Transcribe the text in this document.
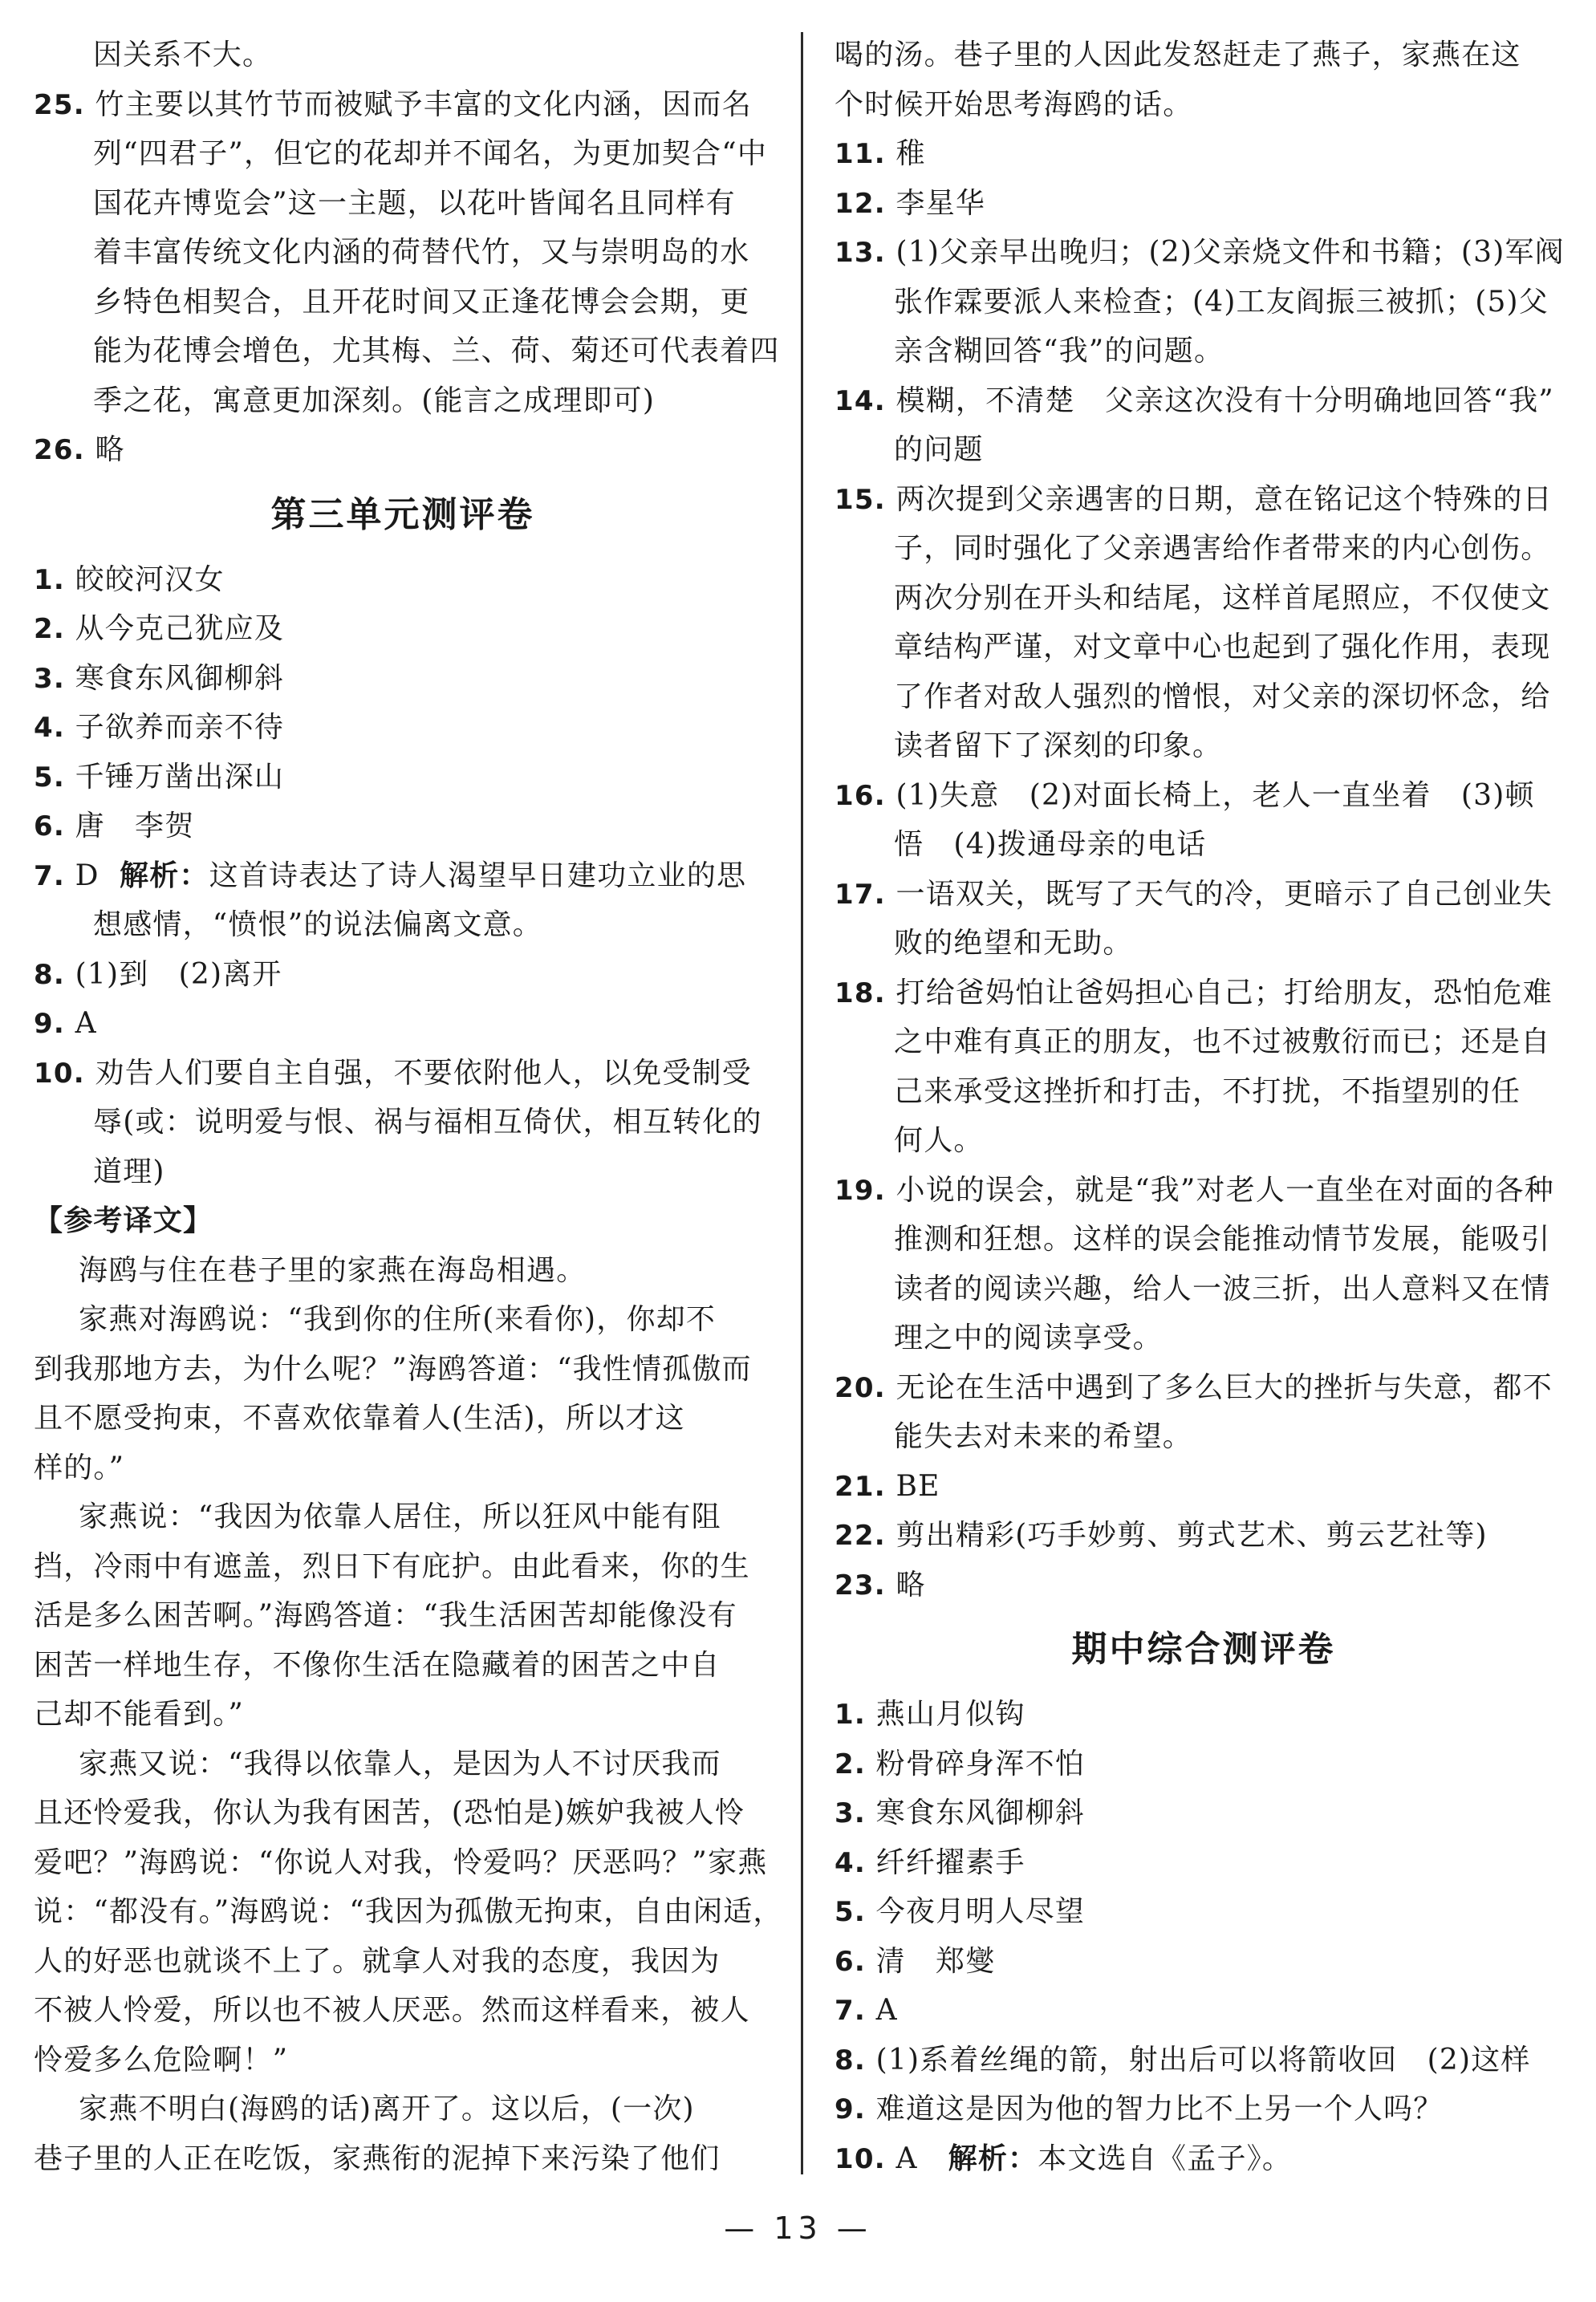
因关系不大。
25. 竹主要以其竹节而被赋予丰富的文化内涵，因而名
列“四君子”，但它的花却并不闻名，为更加契合“中
国花卉博览会”这一主题，以花叶皆闻名且同样有
着丰富传统文化内涵的荷替代竹，又与崇明岛的水
乡特色相契合，且开花时间又正逢花博会会期，更
能为花博会增色，尤其梅、兰、荷、菊还可代表着四
季之花，寓意更加深刻。(能言之成理即可)
26. 略
第三单元测评卷
1. 皎皎河汉女
2. 从今克己犹应及
3. 寒食东风御柳斜
4. 子欲养而亲不待
5. 千锤万凿出深山
6. 唐　李贺
7. D 解析：这首诗表达了诗人渴望早日建功立业的思
想感情，“愤恨”的说法偏离文意。
8. (1)到　(2)离开
9. A
10. 劝告人们要自主自强，不要依附他人，以免受制受
辱(或：说明爱与恨、祸与福相互倚伏，相互转化的
道理)
【参考译文】
海鸥与住在巷子里的家燕在海岛相遇。
家燕对海鸥说：“我到你的住所(来看你)，你却不
到我那地方去，为什么呢？”海鸥答道：“我性情孤傲而
且不愿受拘束，不喜欢依靠着人(生活)，所以才这
样的。”
家燕说：“我因为依靠人居住，所以狂风中能有阻
挡，冷雨中有遮盖，烈日下有庇护。由此看来，你的生
活是多么困苦啊。”海鸥答道：“我生活困苦却能像没有
困苦一样地生存，不像你生活在隐藏着的困苦之中自
己却不能看到。”
家燕又说：“我得以依靠人，是因为人不讨厌我而
且还怜爱我，你认为我有困苦，(恐怕是)嫉妒我被人怜
爱吧？”海鸥说：“你说人对我，怜爱吗？厌恶吗？”家燕
说：“都没有。”海鸥说：“我因为孤傲无拘束，自由闲适，
人的好恶也就谈不上了。就拿人对我的态度，我因为
不被人怜爱，所以也不被人厌恶。然而这样看来，被人
怜爱多么危险啊！”
家燕不明白(海鸥的话)离开了。这以后，(一次)
巷子里的人正在吃饭，家燕衔的泥掉下来污染了他们
喝的汤。巷子里的人因此发怒赶走了燕子，家燕在这
个时候开始思考海鸥的话。
11. 稚
12. 李星华
13. (1)父亲早出晚归；(2)父亲烧文件和书籍；(3)军阀
张作霖要派人来检查；(4)工友阎振三被抓；(5)父
亲含糊回答“我”的问题。
14. 模糊，不清楚　父亲这次没有十分明确地回答“我”
的问题
15. 两次提到父亲遇害的日期，意在铭记这个特殊的日
子，同时强化了父亲遇害给作者带来的内心创伤。
两次分别在开头和结尾，这样首尾照应，不仅使文
章结构严谨，对文章中心也起到了强化作用，表现
了作者对敌人强烈的憎恨，对父亲的深切怀念，给
读者留下了深刻的印象。
16. (1)失意　(2)对面长椅上，老人一直坐着　(3)顿
悟　(4)拨通母亲的电话
17. 一语双关，既写了天气的冷，更暗示了自己创业失
败的绝望和无助。
18. 打给爸妈怕让爸妈担心自己；打给朋友，恐怕危难
之中难有真正的朋友，也不过被敷衍而已；还是自
己来承受这挫折和打击，不打扰，不指望别的任
何人。
19. 小说的误会，就是“我”对老人一直坐在对面的各种
推测和狂想。这样的误会能推动情节发展，能吸引
读者的阅读兴趣，给人一波三折，出人意料又在情
理之中的阅读享受。
20. 无论在生活中遇到了多么巨大的挫折与失意，都不
能失去对未来的希望。
21. BE
22. 剪出精彩(巧手妙剪、剪式艺术、剪云艺社等)
23. 略
期中综合测评卷
1. 燕山月似钩
2. 粉骨碎身浑不怕
3. 寒食东风御柳斜
4. 纤纤擢素手
5. 今夜月明人尽望
6. 清　郑燮
7. A
8. (1)系着丝绳的箭，射出后可以将箭收回　(2)这样
9. 难道这是因为他的智力比不上另一个人吗？
10. A 解析：本文选自《孟子》。
— 13 —
